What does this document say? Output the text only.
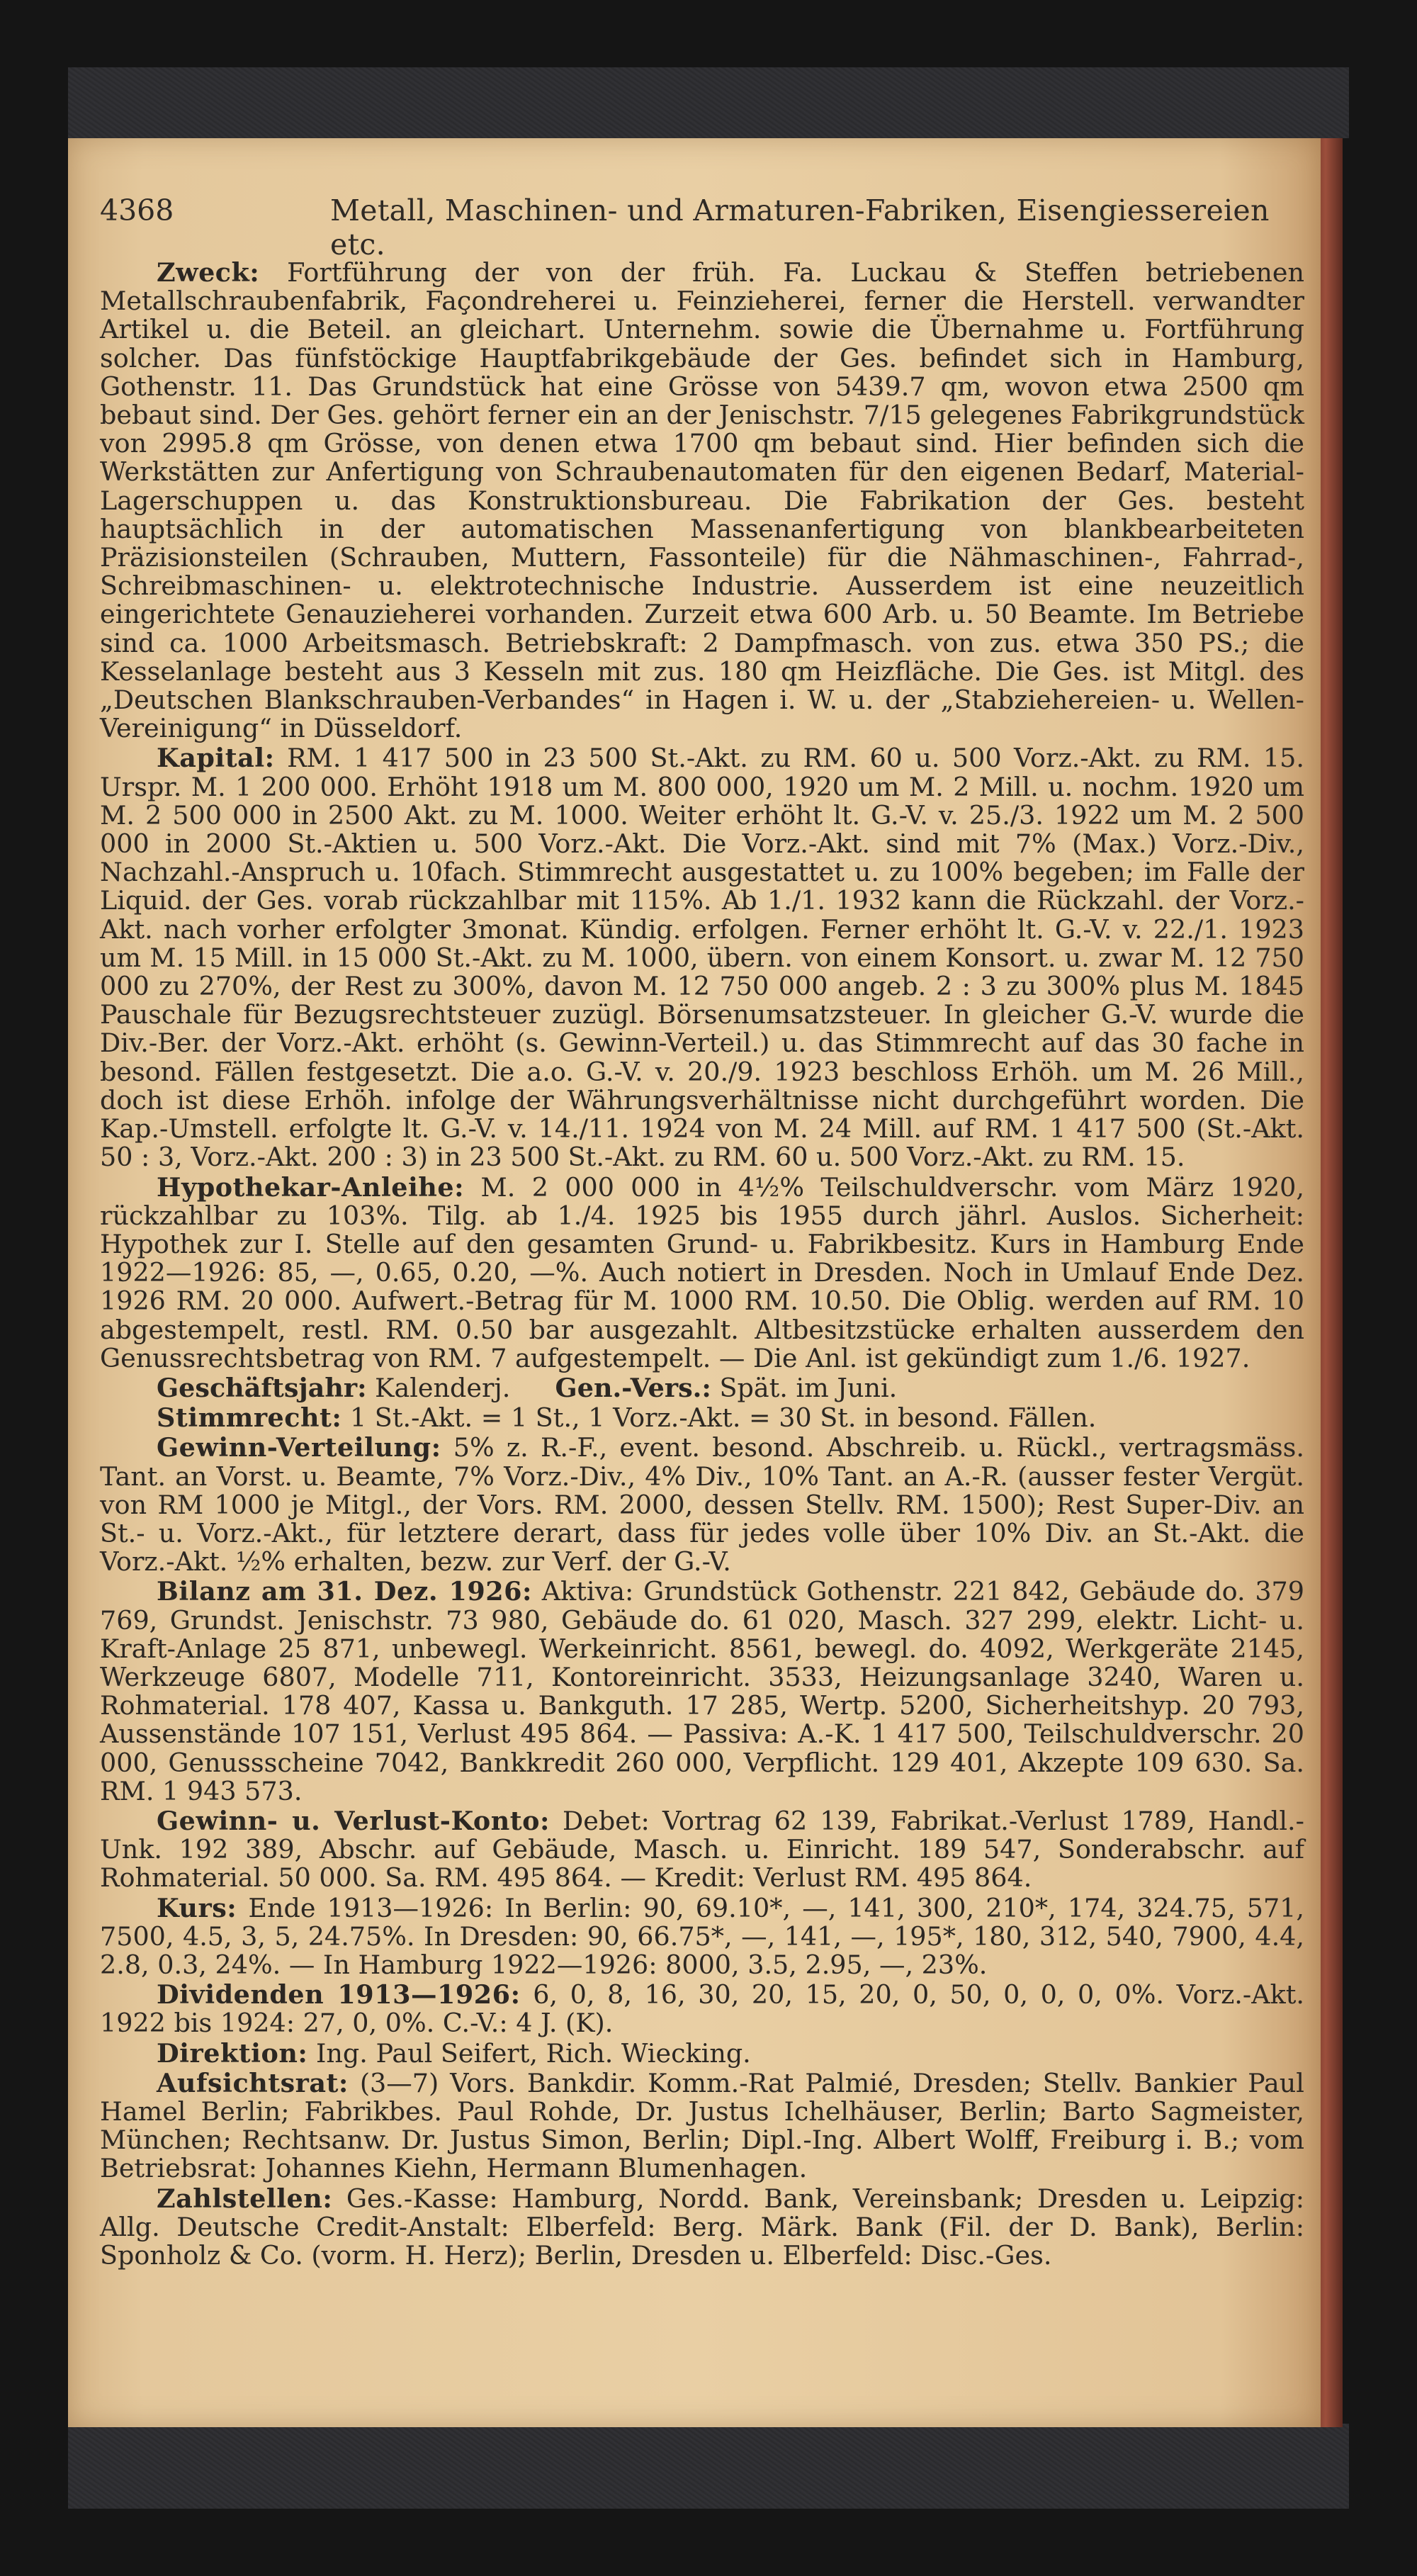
4368	Metall, Maschinen- und Armaturen-Fabriken, Eisengiessereien etc.

Zweck: Fortführung der von der früh. Fa. Luckau & Steffen betriebenen Metallschraubenfabrik, Façondreherei u. Feinzieherei, ferner die Herstell. verwandter Artikel u. die Beteil. an gleichart. Unternehm. sowie die Übernahme u. Fortführung solcher. Das fünfstöckige Hauptfabrikgebäude der Ges. befindet sich in Hamburg, Gothenstr. 11. Das Grundstück hat eine Grösse von 5439.7 qm, wovon etwa 2500 qm bebaut sind. Der Ges. gehört ferner ein an der Jenischstr. 7/15 gelegenes Fabrikgrundstück von 2995.8 qm Grösse, von denen etwa 1700 qm bebaut sind. Hier befinden sich die Werkstätten zur Anfertigung von Schraubenautomaten für den eigenen Bedarf, Material-Lagerschuppen u. das Konstruktionsbureau. Die Fabrikation der Ges. besteht hauptsächlich in der automatischen Massenanfertigung von blankbearbeiteten Präzisionsteilen (Schrauben, Muttern, Fassonteile) für die Nähmaschinen-, Fahrrad-, Schreibmaschinen- u. elektrotechnische Industrie. Ausserdem ist eine neuzeitlich eingerichtete Genauzieherei vorhanden. Zurzeit etwa 600 Arb. u. 50 Beamte. Im Betriebe sind ca. 1000 Arbeitsmasch. Betriebskraft: 2 Dampfmasch. von zus. etwa 350 PS.; die Kesselanlage besteht aus 3 Kesseln mit zus. 180 qm Heizfläche. Die Ges. ist Mitgl. des „Deutschen Blankschrauben-Verbandes“ in Hagen i. W. u. der „Stabziehereien- u. Wellen-Vereinigung“ in Düsseldorf.

Kapital: RM. 1 417 500 in 23 500 St.-Akt. zu RM. 60 u. 500 Vorz.-Akt. zu RM. 15. Urspr. M. 1 200 000. Erhöht 1918 um M. 800 000, 1920 um M. 2 Mill. u. nochm. 1920 um M. 2 500 000 in 2500 Akt. zu M. 1000. Weiter erhöht lt. G.-V. v. 25./3. 1922 um M. 2 500 000 in 2000 St.-Aktien u. 500 Vorz.-Akt. Die Vorz.-Akt. sind mit 7% (Max.) Vorz.-Div., Nachzahl.-Anspruch u. 10fach. Stimmrecht ausgestattet u. zu 100% begeben; im Falle der Liquid. der Ges. vorab rückzahlbar mit 115%. Ab 1./1. 1932 kann die Rückzahl. der Vorz.-Akt. nach vorher erfolgter 3monat. Kündig. erfolgen. Ferner erhöht lt. G.-V. v. 22./1. 1923 um M. 15 Mill. in 15 000 St.-Akt. zu M. 1000, übern. von einem Konsort. u. zwar M. 12 750 000 zu 270%, der Rest zu 300%, davon M. 12 750 000 angeb. 2 : 3 zu 300% plus M. 1845 Pauschale für Bezugsrechtsteuer zuzügl. Börsenumsatzsteuer. In gleicher G.-V. wurde die Div.-Ber. der Vorz.-Akt. erhöht (s. Gewinn-Verteil.) u. das Stimmrecht auf das 30 fache in besond. Fällen festgesetzt. Die a.o. G.-V. v. 20./9. 1923 beschloss Erhöh. um M. 26 Mill., doch ist diese Erhöh. infolge der Währungsverhältnisse nicht durchgeführt worden. Die Kap.-Umstell. erfolgte lt. G.-V. v. 14./11. 1924 von M. 24 Mill. auf RM. 1 417 500 (St.-Akt. 50 : 3, Vorz.-Akt. 200 : 3) in 23 500 St.-Akt. zu RM. 60 u. 500 Vorz.-Akt. zu RM. 15.

Hypothekar-Anleihe: M. 2 000 000 in 4½% Teilschuldverschr. vom März 1920, rückzahlbar zu 103%. Tilg. ab 1./4. 1925 bis 1955 durch jährl. Auslos. Sicherheit: Hypothek zur I. Stelle auf den gesamten Grund- u. Fabrikbesitz. Kurs in Hamburg Ende 1922—1926: 85, —, 0.65, 0.20, —%. Auch notiert in Dresden. Noch in Umlauf Ende Dez. 1926 RM. 20 000. Aufwert.-Betrag für M. 1000 RM. 10.50. Die Oblig. werden auf RM. 10 abgestempelt, restl. RM. 0.50 bar ausgezahlt. Altbesitzstücke erhalten ausserdem den Genussrechtsbetrag von RM. 7 aufgestempelt. — Die Anl. ist gekündigt zum 1./6. 1927.

Geschäftsjahr: Kalenderj. Gen.-Vers.: Spät. im Juni.

Stimmrecht: 1 St.-Akt. = 1 St., 1 Vorz.-Akt. = 30 St. in besond. Fällen.

Gewinn-Verteilung: 5% z. R.-F., event. besond. Abschreib. u. Rückl., vertragsmäss. Tant. an Vorst. u. Beamte, 7% Vorz.-Div., 4% Div., 10% Tant. an A.-R. (ausser fester Vergüt. von RM 1000 je Mitgl., der Vors. RM. 2000, dessen Stellv. RM. 1500); Rest Super-Div. an St.- u. Vorz.-Akt., für letztere derart, dass für jedes volle über 10% Div. an St.-Akt. die Vorz.-Akt. ½% erhalten, bezw. zur Verf. der G.-V.

Bilanz am 31. Dez. 1926: Aktiva: Grundstück Gothenstr. 221 842, Gebäude do. 379 769, Grundst. Jenischstr. 73 980, Gebäude do. 61 020, Masch. 327 299, elektr. Licht- u. Kraft-Anlage 25 871, unbewegl. Werkeinricht. 8561, bewegl. do. 4092, Werkgeräte 2145, Werkzeuge 6807, Modelle 711, Kontoreinricht. 3533, Heizungsanlage 3240, Waren u. Rohmaterial. 178 407, Kassa u. Bankguth. 17 285, Wertp. 5200, Sicherheitshyp. 20 793, Aussenstände 107 151, Verlust 495 864. — Passiva: A.-K. 1 417 500, Teilschuldverschr. 20 000, Genussscheine 7042, Bankkredit 260 000, Verpflicht. 129 401, Akzepte 109 630. Sa. RM. 1 943 573.

Gewinn- u. Verlust-Konto: Debet: Vortrag 62 139, Fabrikat.-Verlust 1789, Handl.-Unk. 192 389, Abschr. auf Gebäude, Masch. u. Einricht. 189 547, Sonderabschr. auf Rohmaterial. 50 000. Sa. RM. 495 864. — Kredit: Verlust RM. 495 864.

Kurs: Ende 1913—1926: In Berlin: 90, 69.10*, —, 141, 300, 210*, 174, 324.75, 571, 7500, 4.5, 3, 5, 24.75%. In Dresden: 90, 66.75*, —, 141, —, 195*, 180, 312, 540, 7900, 4.4, 2.8, 0.3, 24%. — In Hamburg 1922—1926: 8000, 3.5, 2.95, —, 23%.

Dividenden 1913—1926: 6, 0, 8, 16, 30, 20, 15, 20, 0, 50, 0, 0, 0, 0%. Vorz.-Akt. 1922 bis 1924: 27, 0, 0%. C.-V.: 4 J. (K).

Direktion: Ing. Paul Seifert, Rich. Wiecking.

Aufsichtsrat: (3—7) Vors. Bankdir. Komm.-Rat Palmié, Dresden; Stellv. Bankier Paul Hamel Berlin; Fabrikbes. Paul Rohde, Dr. Justus Ichelhäuser, Berlin; Barto Sagmeister, München; Rechtsanw. Dr. Justus Simon, Berlin; Dipl.-Ing. Albert Wolff, Freiburg i. B.; vom Betriebsrat: Johannes Kiehn, Hermann Blumenhagen.

Zahlstellen: Ges.-Kasse: Hamburg, Nordd. Bank, Vereinsbank; Dresden u. Leipzig: Allg. Deutsche Credit-Anstalt: Elberfeld: Berg. Märk. Bank (Fil. der D. Bank), Berlin: Sponholz & Co. (vorm. H. Herz); Berlin, Dresden u. Elberfeld: Disc.-Ges.
